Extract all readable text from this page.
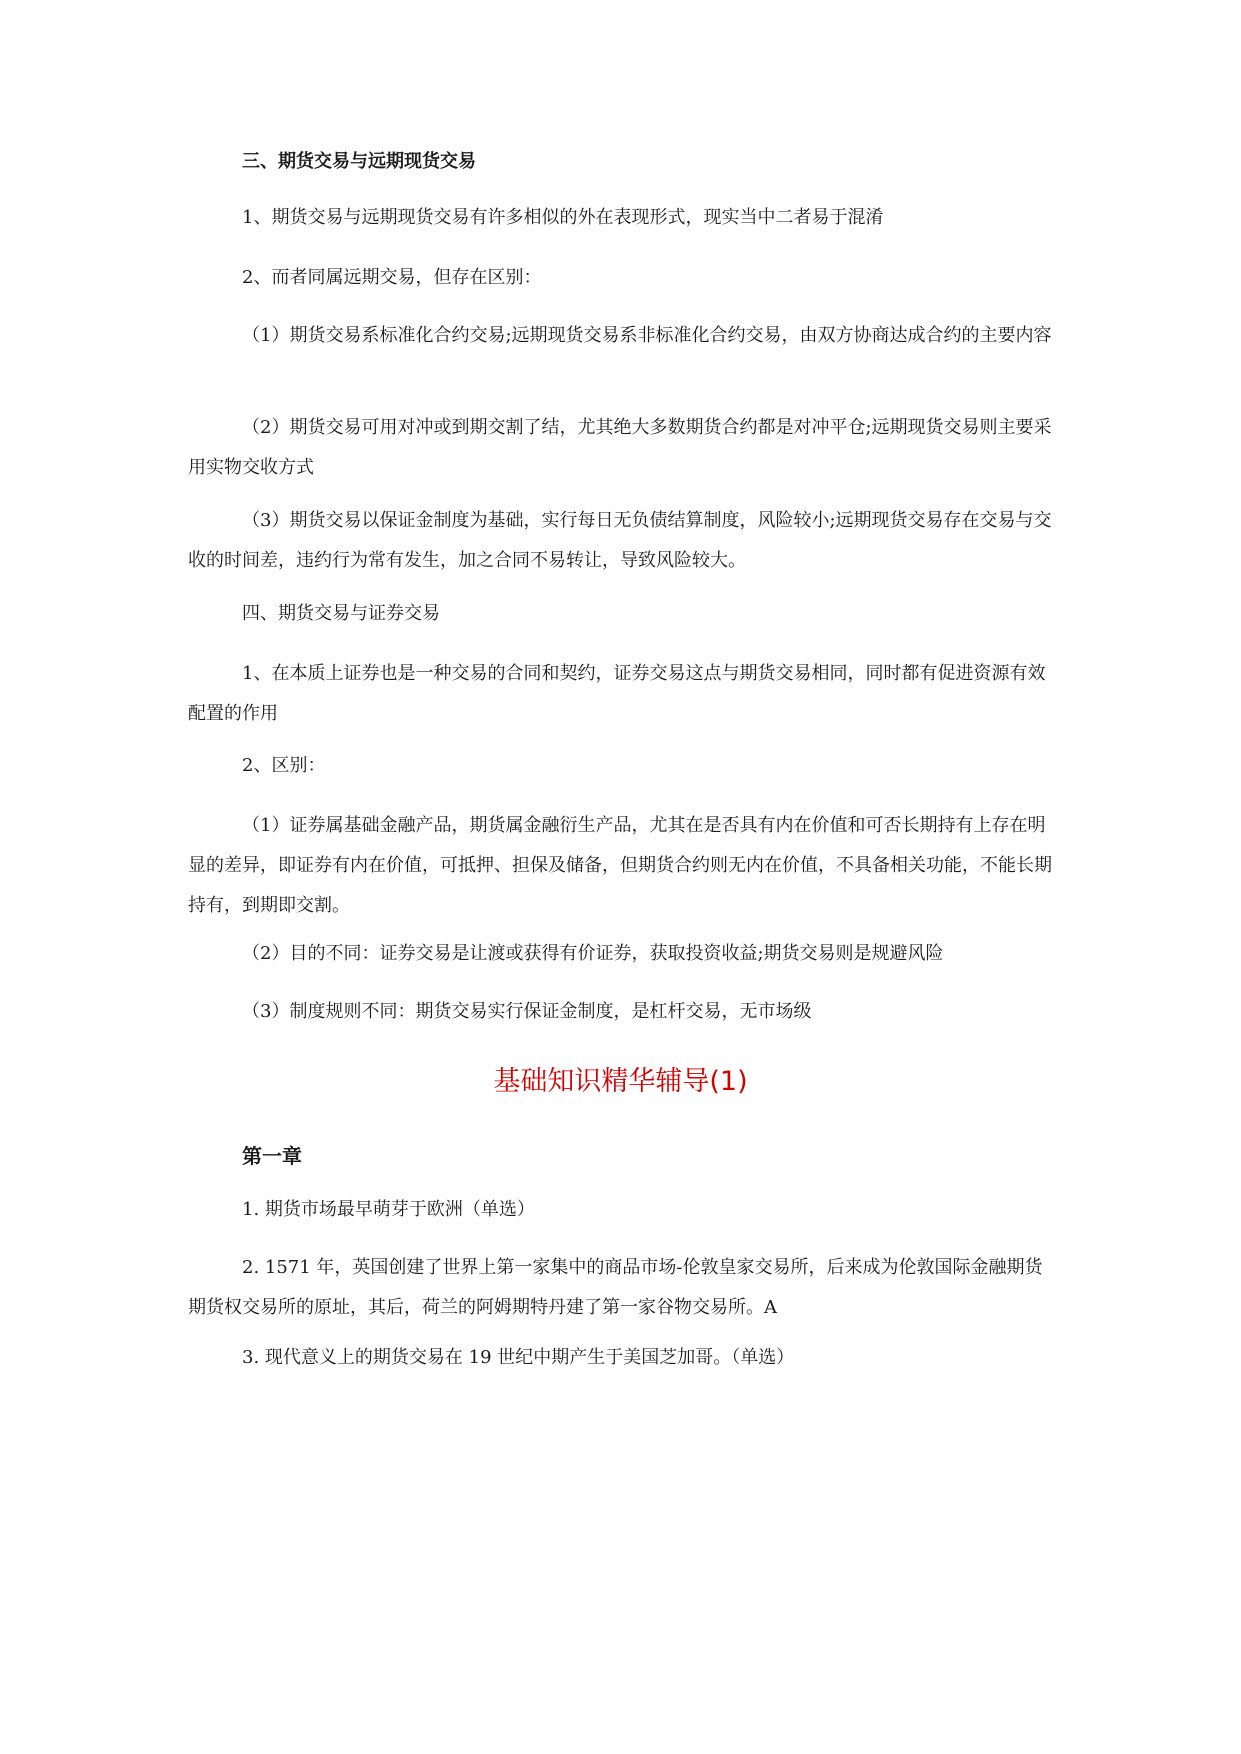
三、期货交易与远期现货交易
1、期货交易与远期现货交易有许多相似的外在表现形式，现实当中二者易于混淆
2、而者同属远期交易，但存在区别：
（1）期货交易系标准化合约交易;远期现货交易系非标准化合约交易，由双方协商达成合约的主要内容
（2）期货交易可用对冲或到期交割了结，尤其绝大多数期货合约都是对冲平仓;远期现货交易则主要采用实物交收方式
（3）期货交易以保证金制度为基础，实行每日无负债结算制度，风险较小;远期现货交易存在交易与交收的时间差，违约行为常有发生，加之合同不易转让，导致风险较大。
四、期货交易与证券交易
1、在本质上证券也是一种交易的合同和契约，证券交易这点与期货交易相同，同时都有促进资源有效配置的作用
2、区别：
（1）证券属基础金融产品，期货属金融衍生产品，尤其在是否具有内在价值和可否长期持有上存在明显的差异，即证券有内在价值，可抵押、担保及储备，但期货合约则无内在价值，不具备相关功能，不能长期持有，到期即交割。
（2）目的不同：证券交易是让渡或获得有价证券，获取投资收益;期货交易则是规避风险
（3）制度规则不同：期货交易实行保证金制度，是杠杆交易，无市场级
基础知识精华辅导(1)
第一章
1. 期货市场最早萌芽于欧洲（单选）
2. 1571 年，英国创建了世界上第一家集中的商品市场-伦敦皇家交易所，后来成为伦敦国际金融期货期货权交易所的原址，其后，荷兰的阿姆期特丹建了第一家谷物交易所。A
3. 现代意义上的期货交易在 19 世纪中期产生于美国芝加哥。（单选）
